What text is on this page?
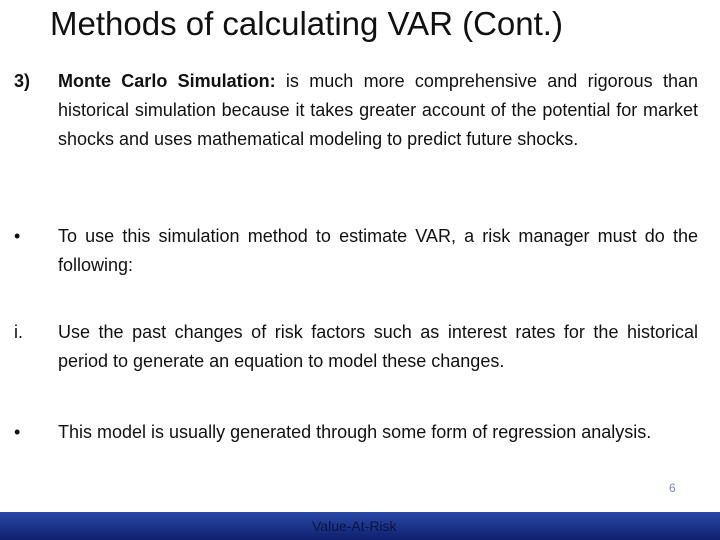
Methods of calculating VAR (Cont.)
3) Monte Carlo Simulation: is much more comprehensive and rigorous than historical simulation because it takes greater account of the potential for market shocks and uses mathematical modeling to predict future shocks.
• To use this simulation method to estimate VAR, a risk manager must do the following:
i. Use the past changes of risk factors such as interest rates for the historical period to generate an equation to model these changes.
• This model is usually generated through some form of regression analysis.
6
Value-At-Risk
